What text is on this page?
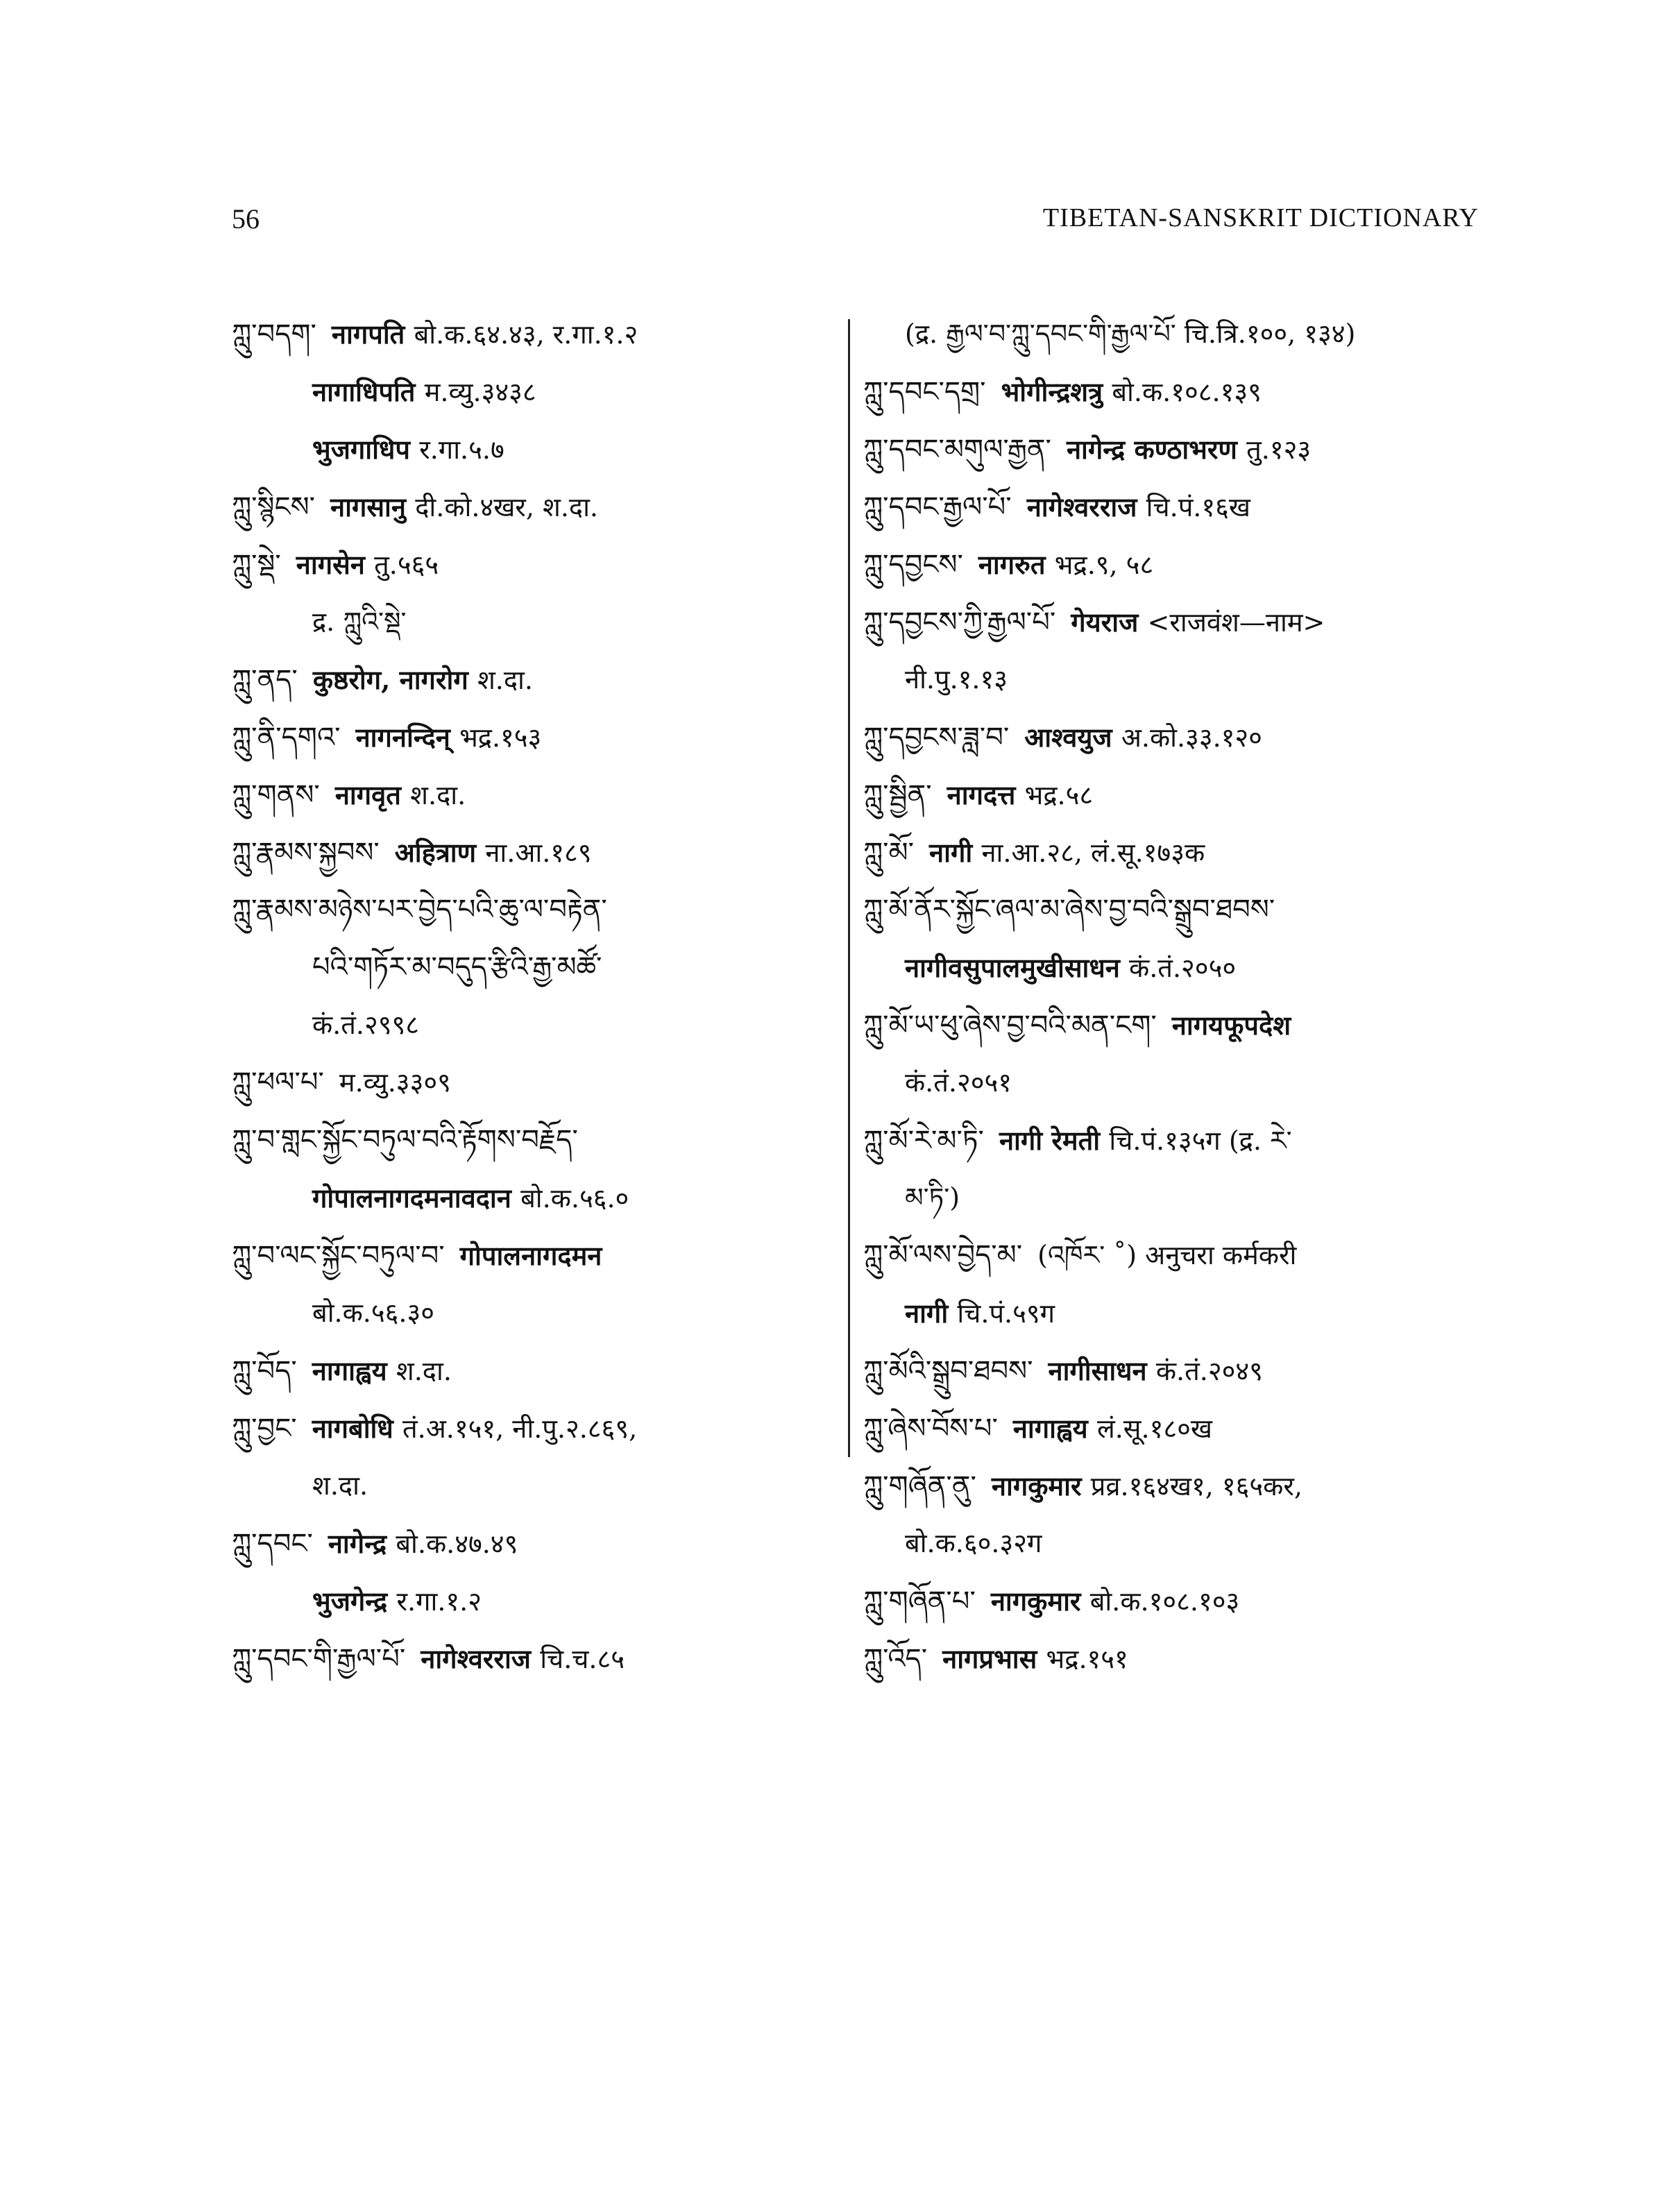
56	TIBETAN-SANSKRIT DICTIONARY
ཀླུ་བདག་ नागपति बो.क.६४.४३, र.गा.१.२
नागाधिपति म.व्यु.३४३८
भुजगाधिप र.गा.५.७
ཀླུ་སྙིངས་ नागसानु दी.को.४खर, श.दा.
ཀླུ་སྡེ་ नागसेन तु.५६५
द्र. ཀླུའི་སྡེ་
ཀླུ་ནད་ कुष्ठरोग, नागरोग श.दा.
ཀླུ་ནི་དགའ་ नागनन्दिन् भद्र.१५३
ཀླུ་གནས་ नागवृत श.दा.
ཀླུ་རྣམས་སྐྱབས་ अहित्राण ना.आ.१८९
ཀླུ་རྣམས་མཉེས་པར་བྱེད་པའི་ཆུ་ལ་བརྟེན་
པའི་གཏོར་མ་བདུད་རྩིའི་རྒྱ་མཚོ་
कं.तं.२९९८
ཀླུ་ཕལ་པ་ म.व्यु.३३०९
ཀླུ་བ་གླང་སྐྱོང་བཏུལ་བའི་རྟོགས་བརྗོད་
गोपालनागदमनावदान बो.क.५६.०
ཀླུ་བ་ལང་སྐྱོང་བཏུལ་བ་ गोपालनागदमन
बो.क.५६.३०
ཀླུ་བོད་ नागाह्वय श.दा.
ཀླུ་བྱང་ नागबोधि तं.अ.१५१, नी.पु.२.८६९,
श.दा.
ཀླུ་དབང་ नागेन्द्र बो.क.४७.४९
भुजगेन्द्र र.गा.१.२
ཀླུ་དབང་གི་རྒྱལ་པོ་ नागेश्वरराज चि.च.८५
(द्र. རྒྱལ་བ་ཀླུ་དབང་གི་རྒྱལ་པོ་ चि.त्रि.१००, १३४)
ཀླུ་དབང་དགྲ་ भोगीन्द्रशत्रु बो.क.१०८.१३९
ཀླུ་དབང་མགུལ་རྒྱན་ नागेन्द्र कण्ठाभरण तु.१२३
ཀླུ་དབང་རྒྱལ་པོ་ नागेश्वरराज चि.पं.१६ख
ཀླུ་དབྱངས་ नागरुत भद्र.९, ५८
ཀླུ་དབྱངས་ཀྱི་རྒྱལ་པོ་ गेयराज <राजवंश—नाम>
नी.पु.१.१३
ཀླུ་དབྱངས་ཟླ་བ་ आश्वयुज अ.को.३३.१२०
ཀླུ་སྦྱིན་ नागदत्त भद्र.५८
ཀླུ་མོ་ नागी ना.आ.२८, लं.सू.१७३क
ཀླུ་མོ་ནོར་སྐྱོང་ཞལ་མ་ཞེས་བྱ་བའི་སྒྲུབ་ཐབས་
नागीवसुपालमुखीसाधन कं.तं.२०५०
ཀླུ་མོ་ཡ་ཕུ་ཞེས་བྱ་བའི་མན་ངག་ नागयफूपदेश
कं.तं.२०५१
ཀླུ་མོ་རེ་མ་ཏི་ नागी रेमती चि.पं.१३५ग (द्र. རེ་
མ་ཏི་)
ཀླུ་མོ་ལས་བྱེད་མ་ (འཁོར་ ˚) अनुचरा कर्मकरी
नागी चि.पं.५९ग
ཀླུ་མོའི་སྒྲུབ་ཐབས་ नागीसाधन कं.तं.२०४९
ཀླུ་ཞེས་བོས་པ་ नागाह्वय लं.सू.१८०ख
ཀླུ་གཞོན་ནུ་ नागकुमार प्रव्र.१६४ख१, १६५कर,
बो.क.६०.३२ग
ཀླུ་གཞོན་པ་ नागकुमार बो.क.१०८.१०३
ཀླུ་འོད་ नागप्रभास भद्र.१५१
